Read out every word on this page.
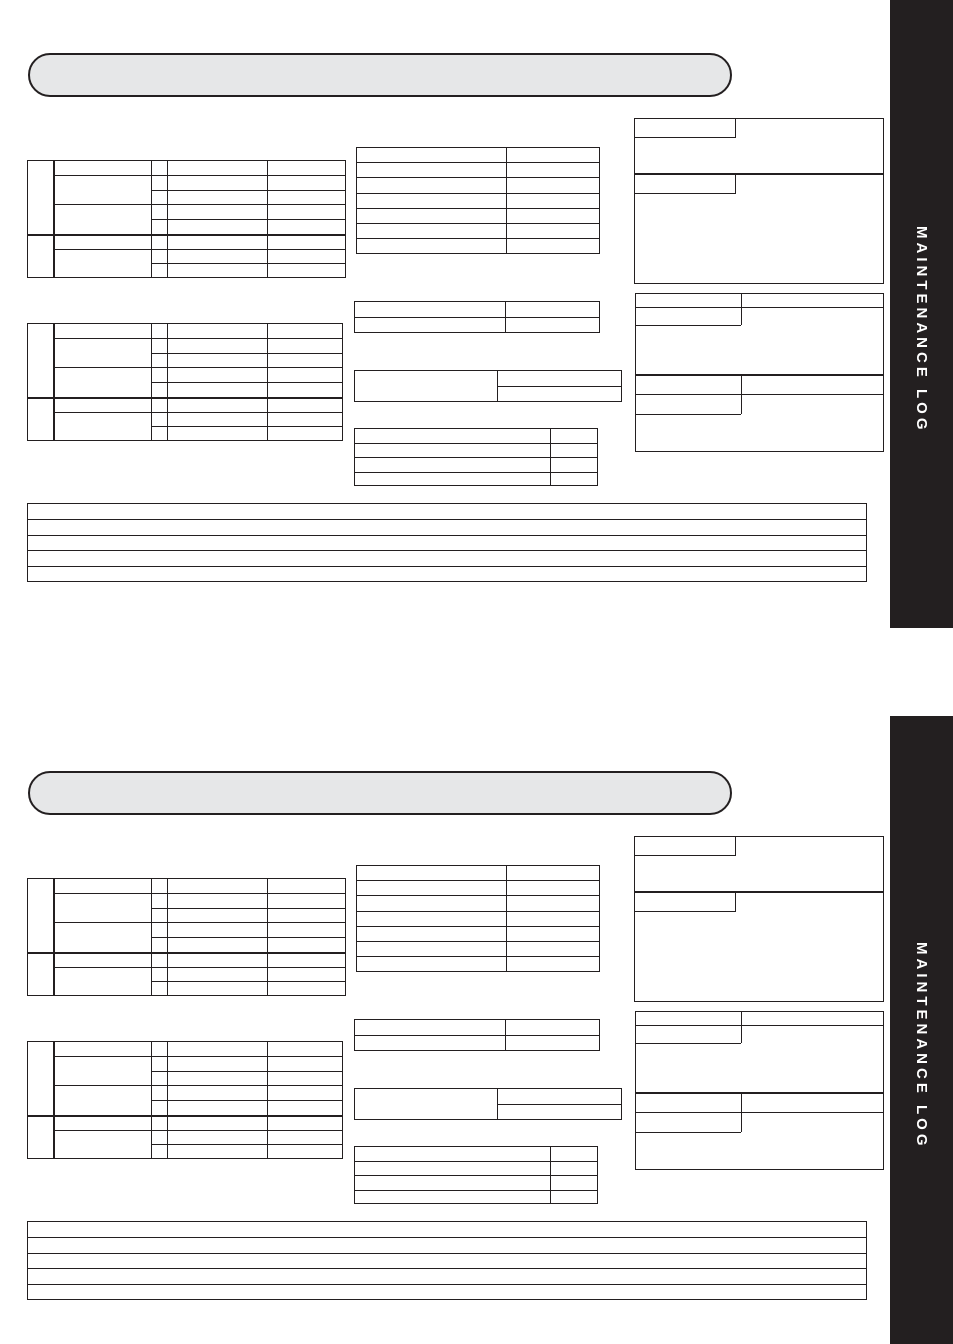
MAINTENANCE LOG
MAINTENANCE LOG
